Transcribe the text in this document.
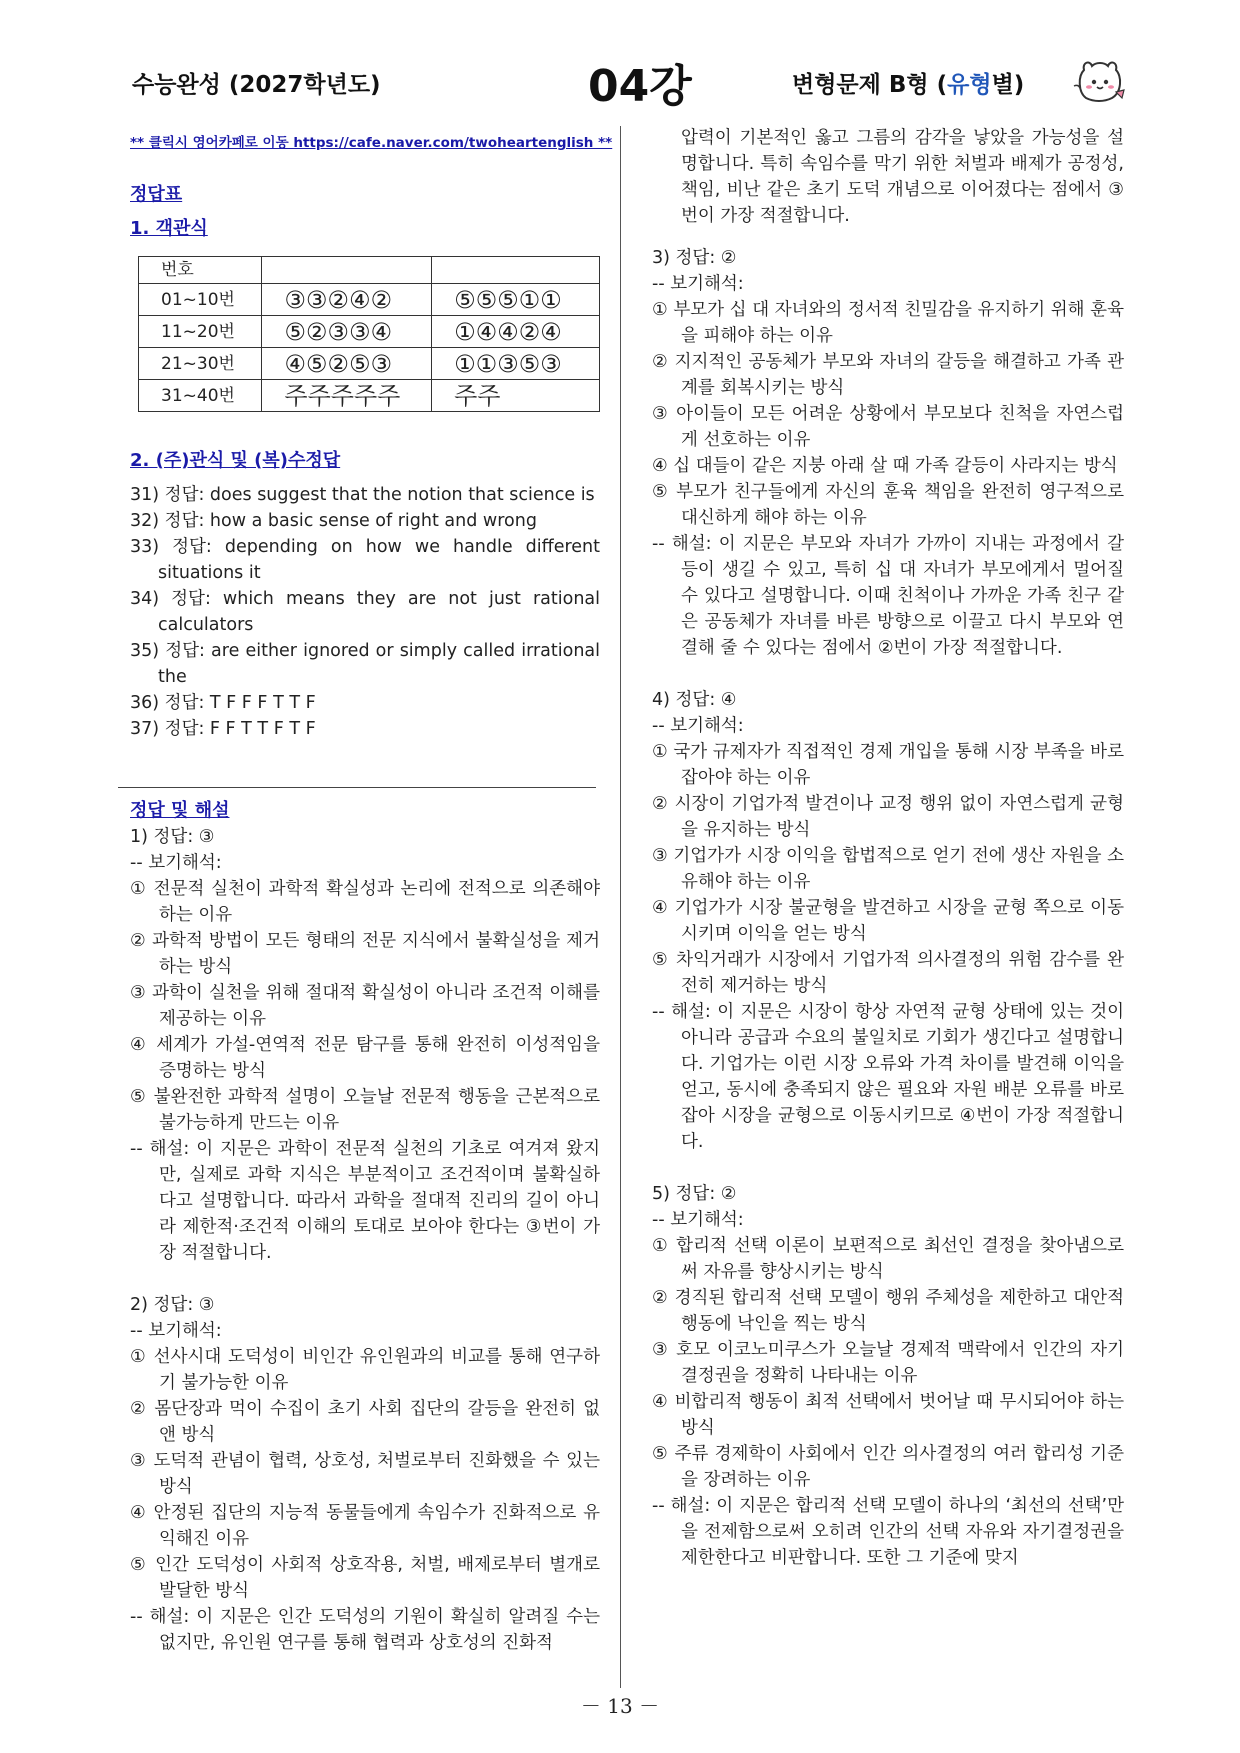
수능완성 (2027학년도)	04강	변형문제 B형 (유형별)
** 클릭시 영어카페로 이동 https://cafe.naver.com/twoheartenglish **
정답표
1. 객관식
번호		
01~10번	③③②④②	⑤⑤⑤①①
11~20번	⑤②③③④	①④④②④
21~30번	④⑤②⑤③	①①③⑤③
31~40번	주주주주주	주주
2. (주)관식 및 (복)수정답
31) 정답: does suggest that the notion that science is
32) 정답: how a basic sense of right and wrong
33) 정답: depending on how we handle different situations it
34) 정답: which means they are not just rational calculators
35) 정답: are either ignored or simply called irrational the
36) 정답: T F F F T T F
37) 정답: F F T T F T F
정답 및 해설
1) 정답: ③
-- 보기해석:

① 전문적 실천이 과학적 확실성과 논리에 전적으로 의존해야 하는 이유

② 과학적 방법이 모든 형태의 전문 지식에서 불확실성을 제거하는 방식

③ 과학이 실천을 위해 절대적 확실성이 아니라 조건적 이해를 제공하는 이유

④ 세계가 가설-연역적 전문 탐구를 통해 완전히 이성적임을 증명하는 방식

⑤ 불완전한 과학적 설명이 오늘날 전문적 행동을 근본적으로 불가능하게 만드는 이유

-- 해설: 이 지문은 과학이 전문적 실천의 기초로 여겨져 왔지만, 실제로 과학 지식은 부분적이고 조건적이며 불확실하다고 설명합니다. 따라서 과학을 절대적 진리의 길이 아니라 제한적·조건적 이해의 토대로 보아야 한다는 ③번이 가장 적절합니다.

2) 정답: ③
-- 보기해석:

① 선사시대 도덕성이 비인간 유인원과의 비교를 통해 연구하기 불가능한 이유

② 몸단장과 먹이 수집이 초기 사회 집단의 갈등을 완전히 없앤 방식

③ 도덕적 관념이 협력, 상호성, 처벌로부터 진화했을 수 있는 방식

④ 안정된 집단의 지능적 동물들에게 속임수가 진화적으로 유익해진 이유

⑤ 인간 도덕성이 사회적 상호작용, 처벌, 배제로부터 별개로 발달한 방식

-- 해설: 이 지문은 인간 도덕성의 기원이 확실히 알려질 수는 없지만, 유인원 연구를 통해 협력과 상호성의 진화적

압력이 기본적인 옳고 그름의 감각을 낳았을 가능성을 설명합니다. 특히 속임수를 막기 위한 처벌과 배제가 공정성, 책임, 비난 같은 초기 도덕 개념으로 이어졌다는 점에서 ③번이 가장 적절합니다.

3) 정답: ②
-- 보기해석:

① 부모가 십 대 자녀와의 정서적 친밀감을 유지하기 위해 훈육을 피해야 하는 이유

② 지지적인 공동체가 부모와 자녀의 갈등을 해결하고 가족 관계를 회복시키는 방식

③ 아이들이 모든 어려운 상황에서 부모보다 친척을 자연스럽게 선호하는 이유

④ 십 대들이 같은 지붕 아래 살 때 가족 갈등이 사라지는 방식

⑤ 부모가 친구들에게 자신의 훈육 책임을 완전히 영구적으로 대신하게 해야 하는 이유

-- 해설: 이 지문은 부모와 자녀가 가까이 지내는 과정에서 갈등이 생길 수 있고, 특히 십 대 자녀가 부모에게서 멀어질 수 있다고 설명합니다. 이때 친척이나 가까운 가족 친구 같은 공동체가 자녀를 바른 방향으로 이끌고 다시 부모와 연결해 줄 수 있다는 점에서 ②번이 가장 적절합니다.

4) 정답: ④
-- 보기해석:

① 국가 규제자가 직접적인 경제 개입을 통해 시장 부족을 바로잡아야 하는 이유

② 시장이 기업가적 발견이나 교정 행위 없이 자연스럽게 균형을 유지하는 방식

③ 기업가가 시장 이익을 합법적으로 얻기 전에 생산 자원을 소유해야 하는 이유

④ 기업가가 시장 불균형을 발견하고 시장을 균형 쪽으로 이동시키며 이익을 얻는 방식

⑤ 차익거래가 시장에서 기업가적 의사결정의 위험 감수를 완전히 제거하는 방식

-- 해설: 이 지문은 시장이 항상 자연적 균형 상태에 있는 것이 아니라 공급과 수요의 불일치로 기회가 생긴다고 설명합니다. 기업가는 이런 시장 오류와 가격 차이를 발견해 이익을 얻고, 동시에 충족되지 않은 필요와 자원 배분 오류를 바로잡아 시장을 균형으로 이동시키므로 ④번이 가장 적절합니다.

5) 정답: ②
-- 보기해석:

① 합리적 선택 이론이 보편적으로 최선인 결정을 찾아냄으로써 자유를 향상시키는 방식

② 경직된 합리적 선택 모델이 행위 주체성을 제한하고 대안적 행동에 낙인을 찍는 방식

③ 호모 이코노미쿠스가 오늘날 경제적 맥락에서 인간의 자기결정권을 정확히 나타내는 이유

④ 비합리적 행동이 최적 선택에서 벗어날 때 무시되어야 하는 방식

⑤ 주류 경제학이 사회에서 인간 의사결정의 여러 합리성 기준을 장려하는 이유

-- 해설: 이 지문은 합리적 선택 모델이 하나의 ‘최선의 선택’만을 전제함으로써 오히려 인간의 선택 자유와 자기결정권을 제한한다고 비판합니다. 또한 그 기준에 맞지

－ 13 －
